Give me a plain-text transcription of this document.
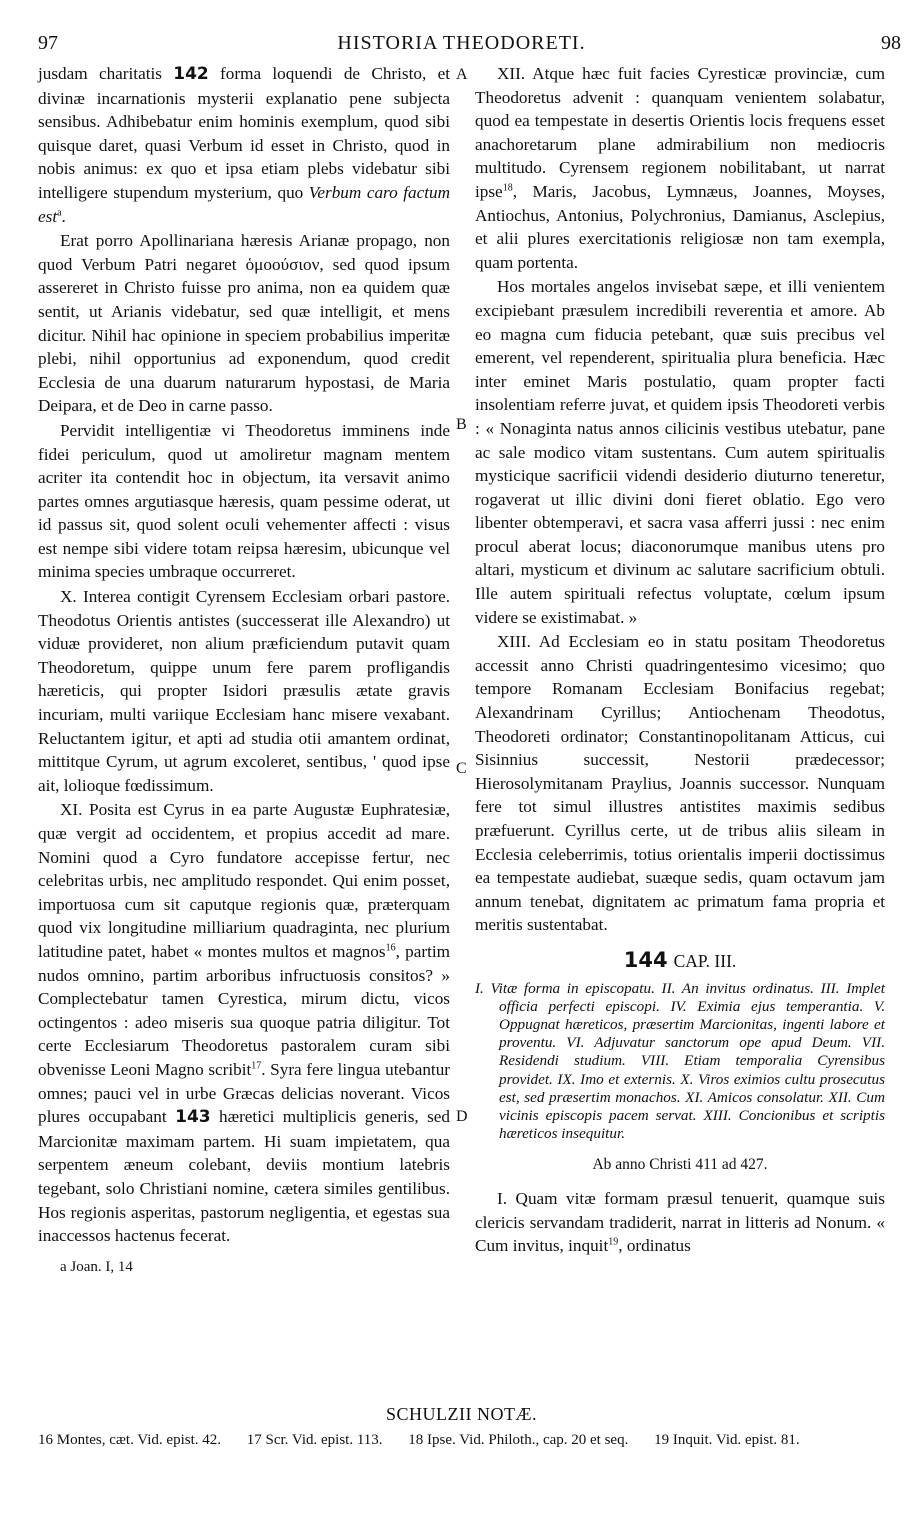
97	HISTORIA THEODORETI.	98
A
B
C
D

jusdam charitatis 142 forma loquendi de Christo, et divinæ incarnationis mysterii explanatio pene subjecta sensibus. Adhibebatur enim hominis exemplum, quod sibi quisque daret, quasi Verbum id esset in Christo, quod in nobis animus: ex quo et ipsa etiam plebs videbatur sibi intelligere stupendum mysterium, quo Verbum caro factum est$^a$.

Erat porro Apollinariana hæresis Arianæ propago, non quod Verbum Patri negaret ὁμοούσιον, sed quod ipsum assereret in Christo fuisse pro anima, non ea quidem quæ sentit, ut Arianis videbatur, sed quæ intelligit, et mens dicitur. Nihil hac opinione in speciem probabilius imperitæ plebi, nihil opportunius ad exponendum, quod credit Ecclesia de una duarum naturarum hypostasi, de Maria Deipara, et de Deo in carne passo.

Pervidit intelligentiæ vi Theodoretus imminens inde fidei periculum, quod ut amoliretur magnam mentem acriter ita contendit hoc in objectum, ita versavit animo partes omnes argutiasque hæresis, quam pessime oderat, ut id passus sit, quod solent oculi vehementer affecti : visus est nempe sibi videre totam reipsa hæresim, ubicunque vel minima species umbraque occurreret.

X. Interea contigit Cyrensem Ecclesiam orbari pastore. Theodotus Orientis antistes (successerat ille Alexandro) ut viduæ provideret, non alium præficiendum putavit quam Theodoretum, quippe unum fere parem profligandis hæreticis, qui propter Isidori præsulis ætate gravis incuriam, multi variique Ecclesiam hanc misere vexabant. Reluctantem igitur, et apti ad studia otii amantem ordinat, mittitque Cyrum, ut agrum excoleret, sentibus, ' quod ipse ait, lolioque fœdissimum.

XI. Posita est Cyrus in ea parte Augustæ Euphratesiæ, quæ vergit ad occidentem, et propius accedit ad mare. Nomini quod a Cyro fundatore accepisse fertur, nec celebritas urbis, nec amplitudo respondet. Qui enim posset, importuosa cum sit caputque regionis quæ, præterquam quod vix longitudine milliarium quadraginta, nec plurium latitudine patet, habet « montes multos et magnos$^{16}$, partim nudos omnino, partim arboribus infructuosis consitos? » Complectebatur tamen Cyrestica, mirum dictu, vicos octingentos : adeo miseris sua quoque patria diligitur. Tot certe Ecclesiarum Theodoretus pastoralem curam sibi obvenisse Leoni Magno scribit$^{17}$. Syra fere lingua utebantur omnes; pauci vel in urbe Græcas delicias noverant. Vicos plures occupabant 143 hæretici multiplicis generis, sed Marcionitæ maximam partem. Hi suam impietatem, qua serpentem æneum colebant, deviis montium latebris tegebant, solo Christiani nomine, cætera similes gentilibus. Hos regionis asperitas, pastorum negligentia, et egestas sua inaccessos hactenus fecerat.

a Joan. I, 14

XII. Atque hæc fuit facies Cyresticæ provinciæ, cum Theodoretus advenit : quanquam venientem solabatur, quod ea tempestate in desertis Orientis locis frequens esset anachoretarum plane admirabilium non mediocris multitudo. Cyrensem regionem nobilitabant, ut narrat ipse$^{18}$, Maris, Jacobus, Lymnæus, Joannes, Moyses, Antiochus, Antonius, Polychronius, Damianus, Asclepius, et alii plures exercitationis religiosæ non tam exempla, quam portenta.

Hos mortales angelos invisebat sæpe, et illi venientem excipiebant præsulem incredibili reverentia et amore. Ab eo magna cum fiducia petebant, quæ suis precibus vel emerent, vel rependerent, spiritualia plura beneficia. Hæc inter eminet Maris postulatio, quam propter facti insolentiam referre juvat, et quidem ipsis Theodoreti verbis : « Nonaginta natus annos cilicinis vestibus utebatur, pane ac sale modico vitam sustentans. Cum autem spiritualis mysticique sacrificii videndi desiderio diuturno teneretur, rogaverat ut illic divini doni fieret oblatio. Ego vero libenter obtemperavi, et sacra vasa afferri jussi : nec enim procul aberat locus; diaconorumque manibus utens pro altari, mysticum et divinum ac salutare sacrificium obtuli. Ille autem spirituali refectus voluptate, cœlum ipsum videre se existimabat. »

XIII. Ad Ecclesiam eo in statu positam Theodoretus accessit anno Christi quadringentesimo vicesimo; quo tempore Romanam Ecclesiam Bonifacius regebat; Alexandrinam Cyrillus; Antiochenam Theodotus, Theodoreti ordinator; Constantinopolitanam Atticus, cui Sisinnius successit, Nestorii prædecessor; Hierosolymitanam Praylius, Joannis successor. Nunquam fere tot simul illustres antistites maximis sedibus præfuerunt. Cyrillus certe, ut de tribus aliis sileam in Ecclesia celeberrimis, totius orientalis imperii doctissimus ea tempestate audiebat, suæque sedis, quam octavum jam annum tenebat, dignitatem ac primatum fama propria et meritis sustentabat.

144 CAP. III.
I. Vitæ forma in episcopatu. II. An invitus ordinatus. III. Implet officia perfecti episcopi. IV. Eximia ejus temperantia. V. Oppugnat hæreticos, præsertim Marcionitas, ingenti labore et proventu. VI. Adjuvatur sanctorum ope apud Deum. VII. Residendi studium. VIII. Etiam temporalia Cyrensibus providet. IX. Imo et externis. X. Viros eximios cultu prosecutus est, sed præsertim monachos. XI. Amicos consolatur. XII. Cum vicinis episcopis pacem servat. XIII. Concionibus et scriptis hæreticos insequitur.
Ab anno Christi 411 ad 427.

I. Quam vitæ formam præsul tenuerit, quamque suis clericis servandam tradiderit, narrat in litteris ad Nonum. « Cum invitus, inquit$^{19}$, ordinatus

SCHULZII NOTÆ.
16 Montes, cæt. Vid. epist. 42. 17 Scr. Vid. epist. 113. 18 Ipse. Vid. Philoth., cap. 20 et seq. 19 Inquit. Vid. epist. 81.
